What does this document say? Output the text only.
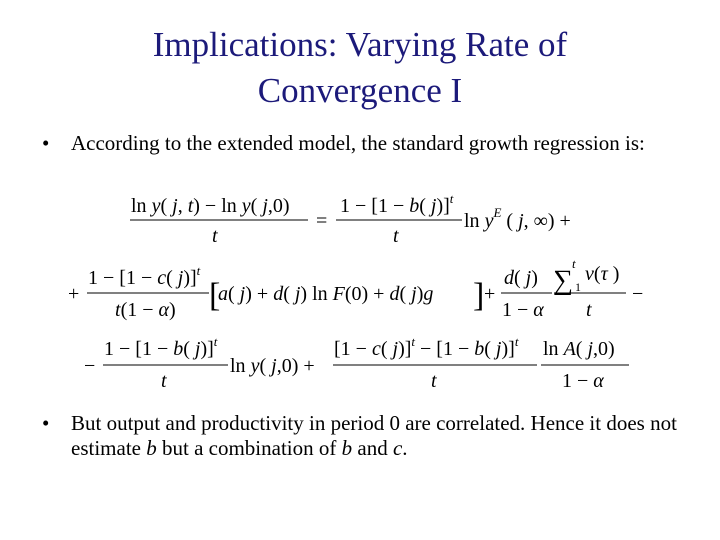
Implications: Varying Rate of
Convergence I
• According to the extended model, the standard growth regression is:
ln y( j, t) − ln y( j,0)
t
=
1 − [1 − b( j)]$^t$
t
$\ln y^E$ ( j, ∞) +
+
1 − [1 − c( j)]$^t$
t(1 − α) [
a( j) + d( j) ln F(0) + d( j)g ] +
d( j)
1 − α
∑
t
1
v(τ )
t
−
−
1 − [1 − b( j)]$^t$
t
ln y( j,0) +
[1 − c( j)]$^t$ − [1 − b( j)]$^t$
t
ln A( j,0)
1 − α
• But output and productivity in period 0 are correlated. Hence it does not estimate b but a combination of b and c.
